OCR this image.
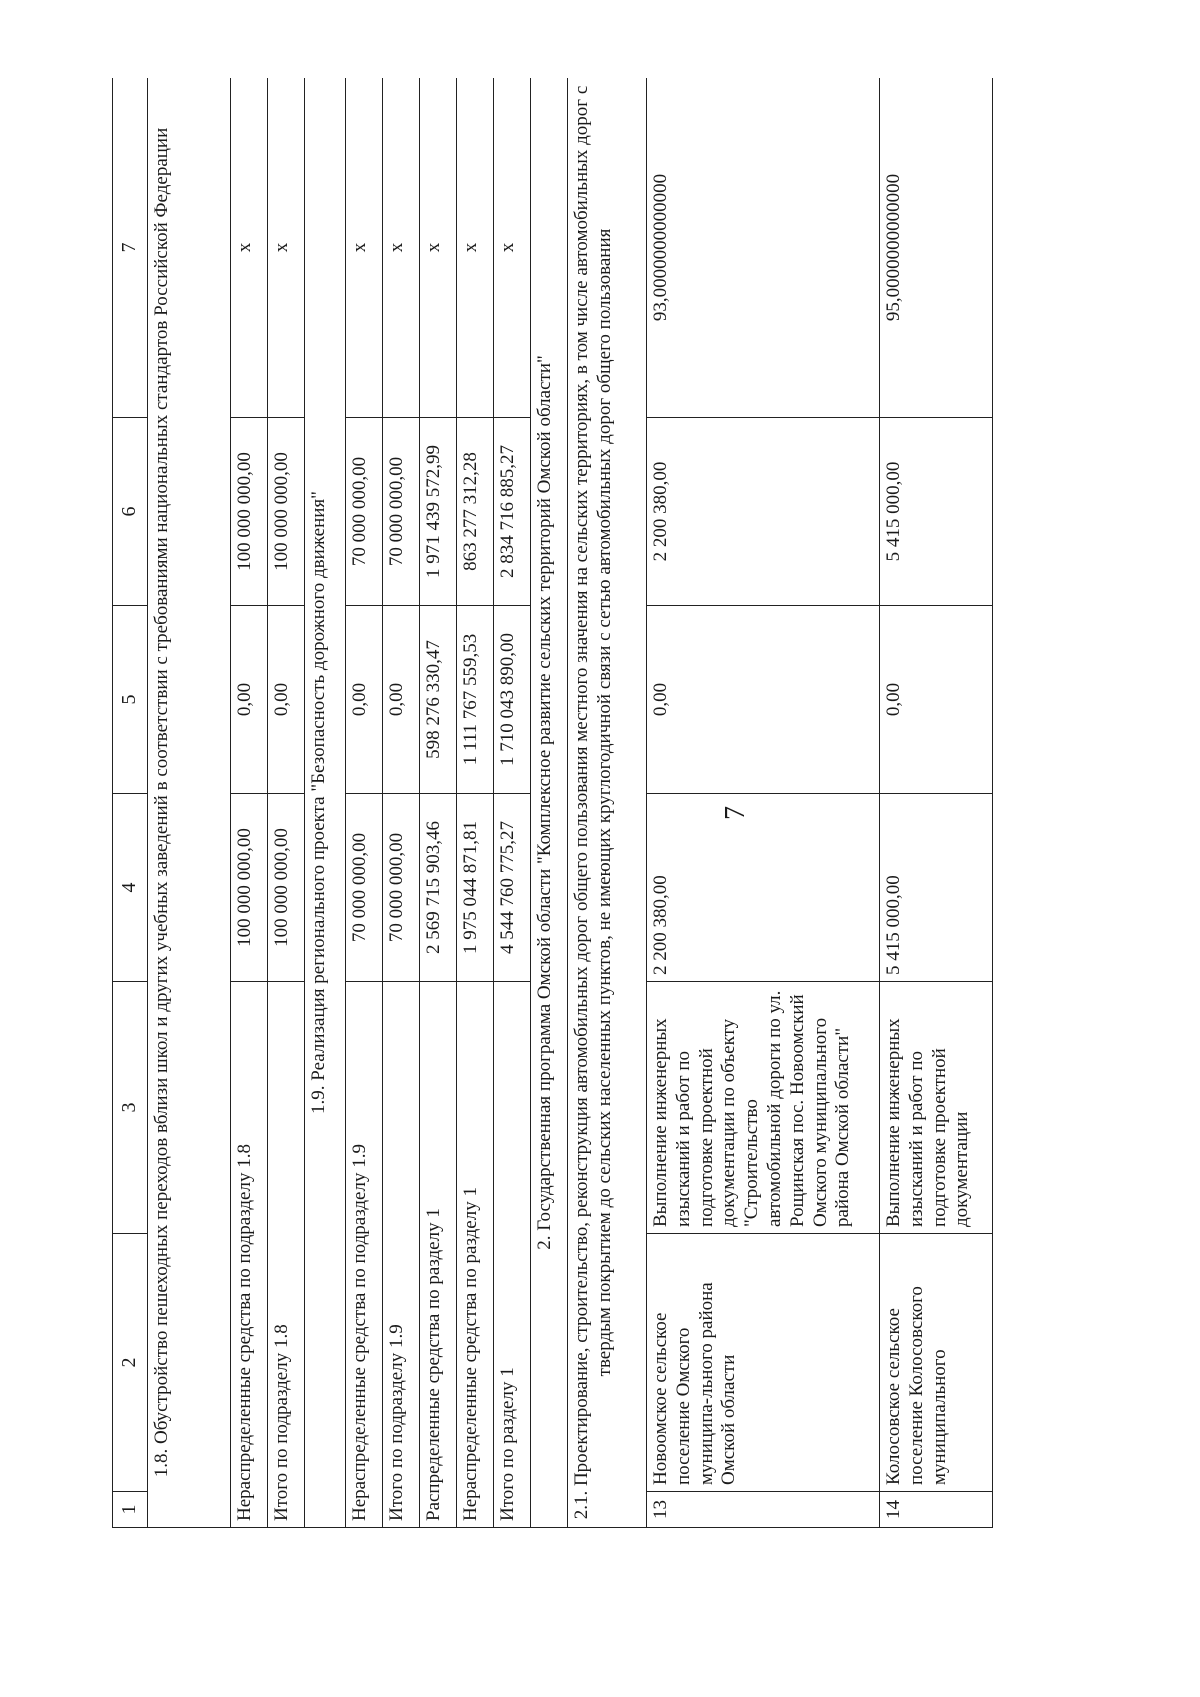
7
1	2	3	4	5	6	7
1.8. Обустройство пешеходных переходов вблизи школ и других учебных заведений в соответствии с требованиями национальных стандартов Российской Федерации						
Нераспределенные средства по подразделу 1.8			100 000 000,00	0,00	100 000 000,00	x
Итого по подразделу 1.8			100 000 000,00	0,00	100 000 000,00	x
1.9. Реализация регионального проекта "Безопасность дорожного движения"						
Нераспределенные средства по подразделу 1.9			70 000 000,00	0,00	70 000 000,00	x
Итого по подразделу 1.9			70 000 000,00	0,00	70 000 000,00	x
Распределенные средства по разделу 1			2 569 715 903,46	598 276 330,47	1 971 439 572,99	x
Нераспределенные средства по разделу 1			1 975 044 871,81	1 111 767 559,53	863 277 312,28	x
Итого по разделу 1			4 544 760 775,27	1 710 043 890,00	2 834 716 885,27	x
2. Государственная программа Омской области "Комплексное развитие сельских территорий Омской области"						
2.1. Проектирование, строительство, реконструкция автомобильных дорог общего пользования местного значения на сельских территориях, в том числе автомобильных дорог с твердым покрытием до сельских населенных пунктов, не имеющих круглогодичной связи с сетью автомобильных дорог общего пользования						
13	Новоомское сельское поселение Омского муниципа-льного района Омской области	Выполнение инженерных изысканий и работ по подготовке проектной документации по объекту "Строительство автомобильной дороги по ул. Рощинская пос. Новоомский Омского муниципального района Омской области"	2 200 380,00	0,00	2 200 380,00	93,0000000000000
14	Колосовское сельское поселение Колосовского муниципального	Выполнение инженерных изысканий и работ по подготовке проектной документации	5 415 000,00	0,00	5 415 000,00	95,0000000000000
